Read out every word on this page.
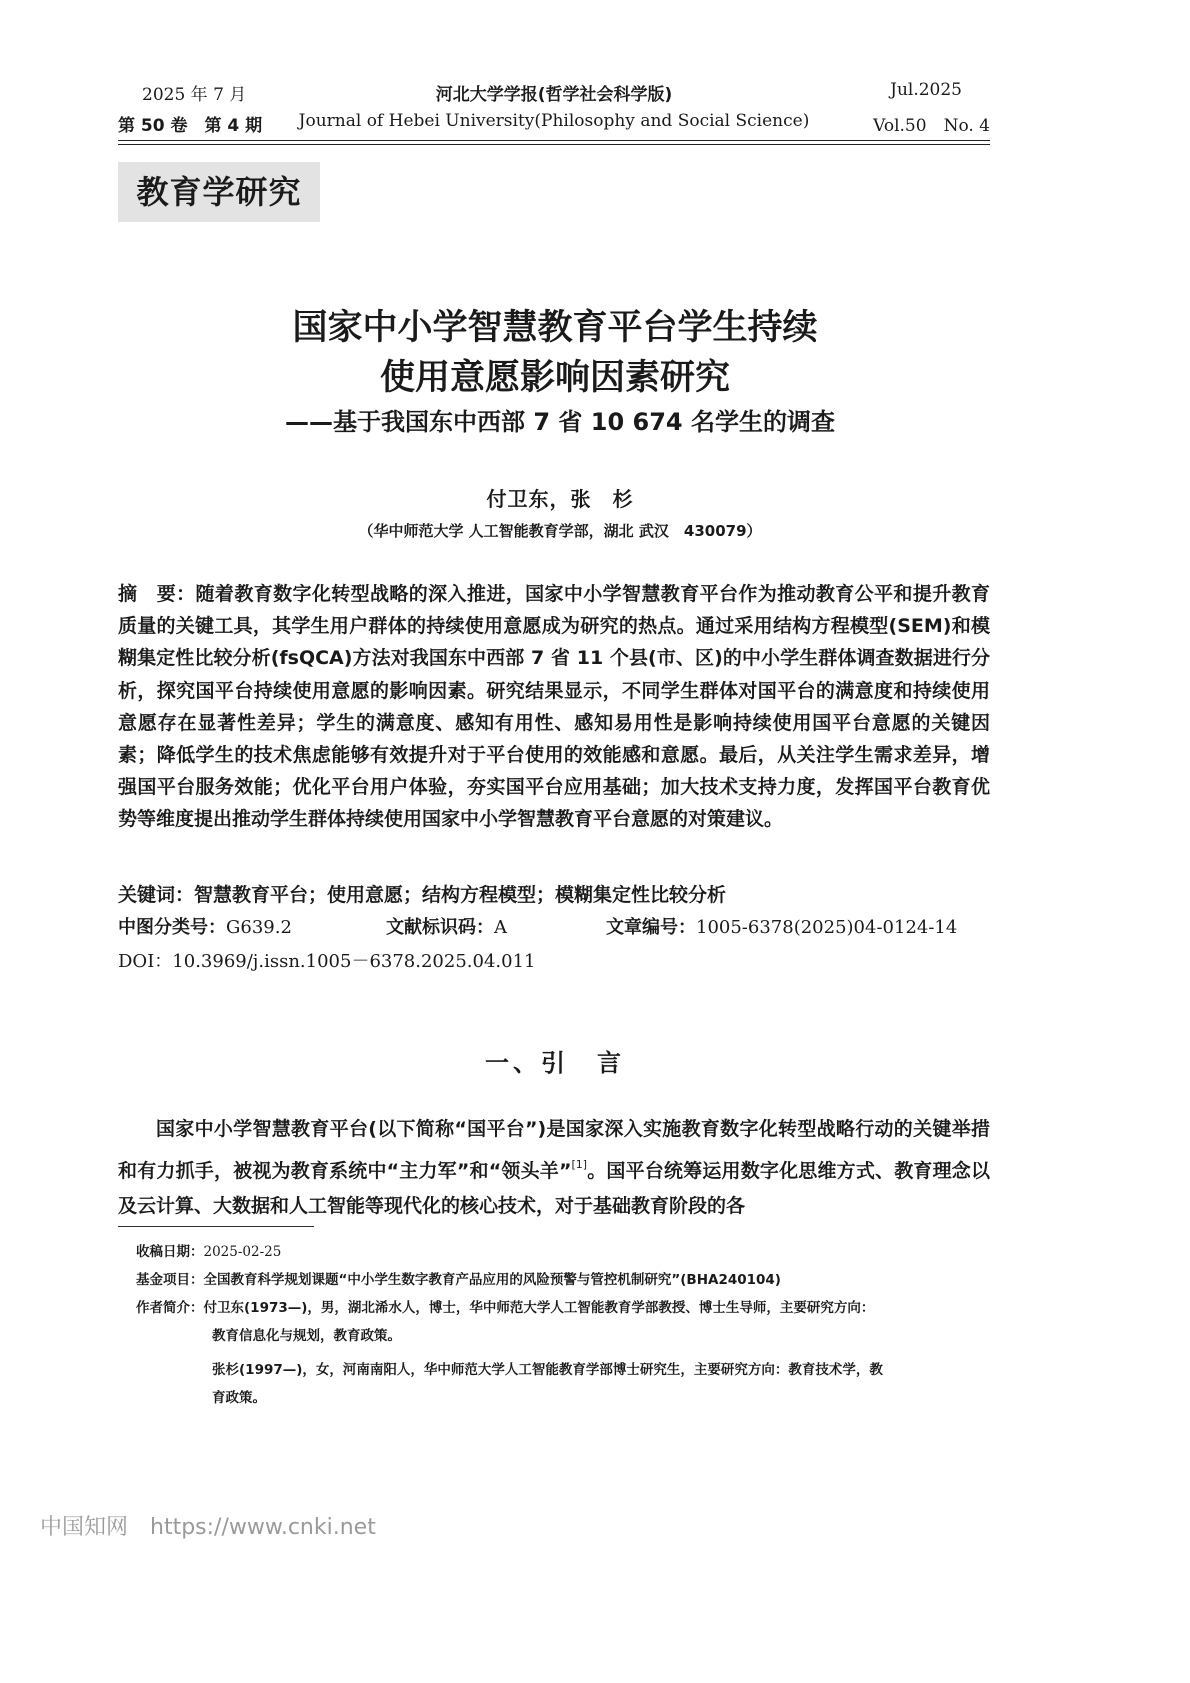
2025 年 7 月	河北大学学报(哲学社会科学版)	Jul.2025
第 50 卷　第 4 期	Journal of Hebei University(Philosophy and Social Science)	Vol.50　No. 4
教育学研究
国家中小学智慧教育平台学生持续
使用意愿影响因素研究
——基于我国东中西部 7 省 10 674 名学生的调查
付卫东，张　杉
（华中师范大学 人工智能教育学部，湖北 武汉　430079）
摘　要：随着教育数字化转型战略的深入推进，国家中小学智慧教育平台作为推动教育公平和提升教育质量的关键工具，其学生用户群体的持续使用意愿成为研究的热点。通过采用结构方程模型(SEM)和模糊集定性比较分析(fsQCA)方法对我国东中西部 7 省 11 个县(市、区)的中小学生群体调查数据进行分析，探究国平台持续使用意愿的影响因素。研究结果显示，不同学生群体对国平台的满意度和持续使用意愿存在显著性差异；学生的满意度、感知有用性、感知易用性是影响持续使用国平台意愿的关键因素；降低学生的技术焦虑能够有效提升对于平台使用的效能感和意愿。最后，从关注学生需求差异，增强国平台服务效能；优化平台用户体验，夯实国平台应用基础；加大技术支持力度，发挥国平台教育优势等维度提出推动学生群体持续使用国家中小学智慧教育平台意愿的对策建议。
关键词：智慧教育平台；使用意愿；结构方程模型；模糊集定性比较分析
中图分类号：G639.2	文献标识码：A	文章编号：1005-6378(2025)04-0124-14
DOI：10.3969/j.issn.1005－6378.2025.04.011
一、引　言
国家中小学智慧教育平台(以下简称“国平台”)是国家深入实施教育数字化转型战略行动的关键举措和有力抓手，被视为教育系统中“主力军”和“领头羊”[1]。国平台统筹运用数字化思维方式、教育理念以及云计算、大数据和人工智能等现代化的核心技术，对于基础教育阶段的各
收稿日期：2025-02-25
基金项目：全国教育科学规划课题“中小学生数字教育产品应用的风险预警与管控机制研究”(BHA240104)
作者简介：付卫东(1973—)，男，湖北浠水人，博士，华中师范大学人工智能教育学部教授、博士生导师，主要研究方向：
教育信息化与规划，教育政策。
张杉(1997—)，女，河南南阳人，华中师范大学人工智能教育学部博士研究生，主要研究方向：教育技术学，教
育政策。
中国知网 https://www.cnki.net
